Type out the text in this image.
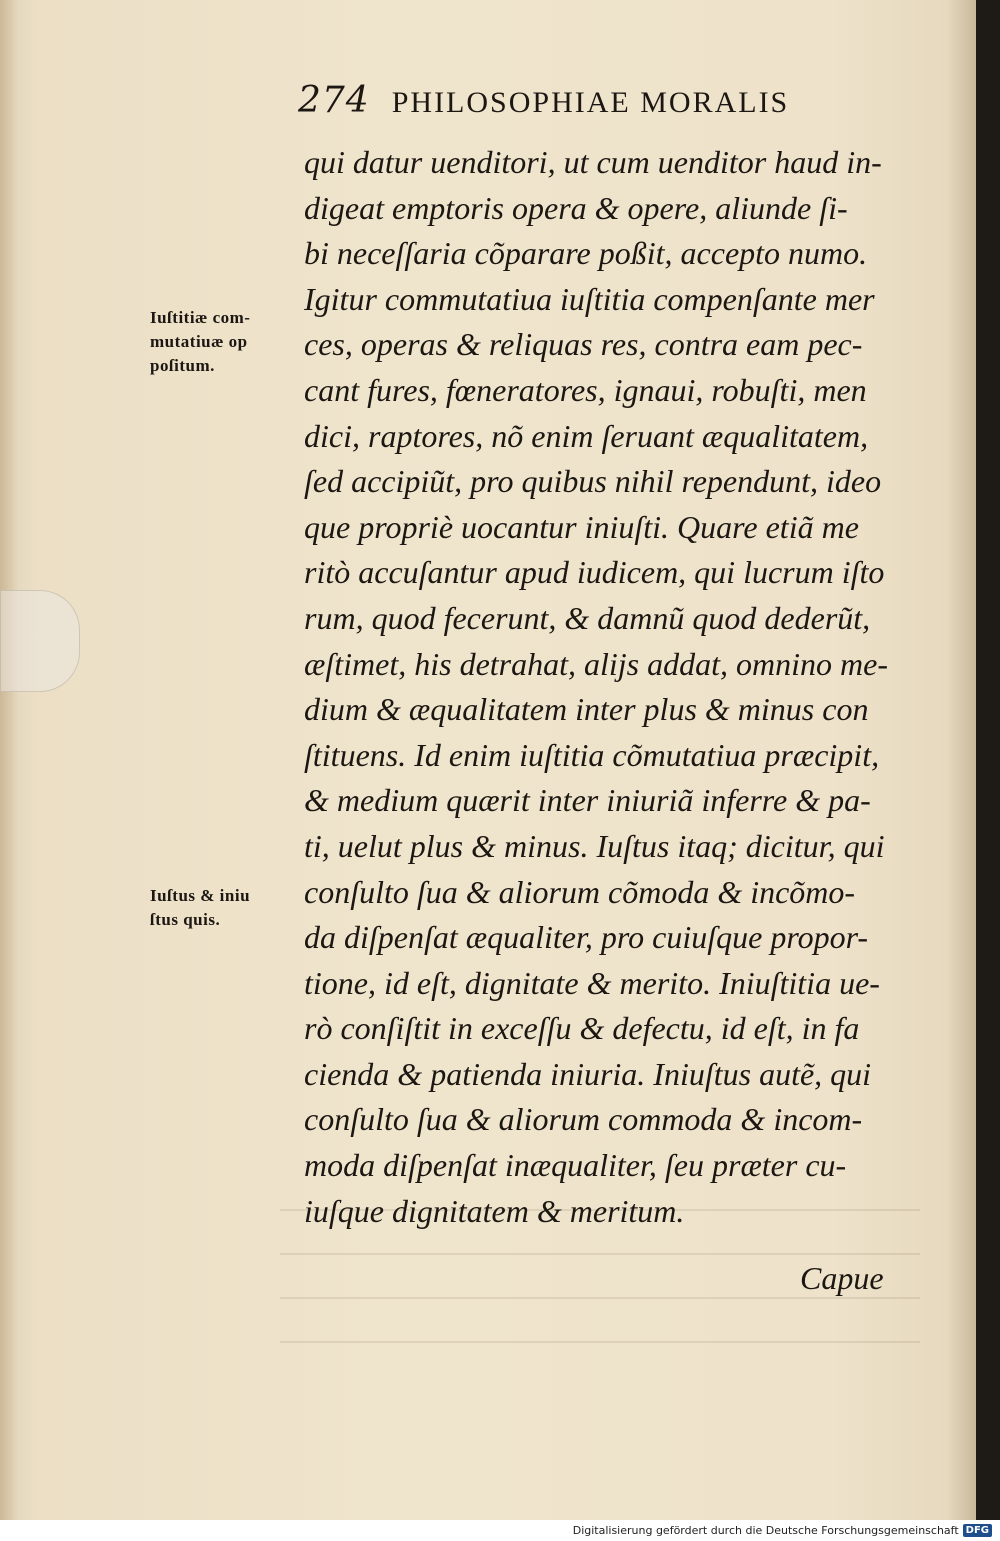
274 PHILOSOPHIAE MORALIS
qui datur uenditori, ut cum uenditor haud in-
digeat emptoris opera & opere, aliunde ſi-
bi neceſſaria cõparare poßit, accepto numo.
Igitur commutatiua iuſtitia compenſante mer
ces, operas & reliquas res, contra eam pec-
cant fures, fœneratores, ignaui, robuſti, men
dici, raptores, nõ enim ſeruant æqualitatem,
ſed accipiũt, pro quibus nihil rependunt, ideo
que propriè uocantur iniuſti. Quare etiã me
ritò accuſantur apud iudicem, qui lucrum iſto
rum, quod fecerunt, & damnũ quod dederũt,
æſtimet, his detrahat, alijs addat, omnino me-
dium & æqualitatem inter plus & minus con
ſtituens. Id enim iuſtitia cõmutatiua præcipit,
& medium quærit inter iniuriã inferre & pa-
ti, uelut plus & minus. Iuſtus itaq; dicitur, qui
conſulto ſua & aliorum cõmoda & incõmo-
da diſpenſat æqualiter, pro cuiuſque propor-
tione, id eſt, dignitate & merito. Iniuſtitia ue-
rò conſiſtit in exceſſu & defectu, id eſt, in fa
cienda & patienda iniuria. Iniuſtus autẽ, qui
conſulto ſua & aliorum commoda & incom-
moda diſpenſat inæqualiter, ſeu præter cu-
iuſque dignitatem & meritum.
Iuſtitiæ com-
mutatiuæ op
poſitum.
Iuſtus & iniu
ſtus quis.
Capue
Digitalisierung gefördert durch die Deutsche Forschungsgemeinschaft DFG
